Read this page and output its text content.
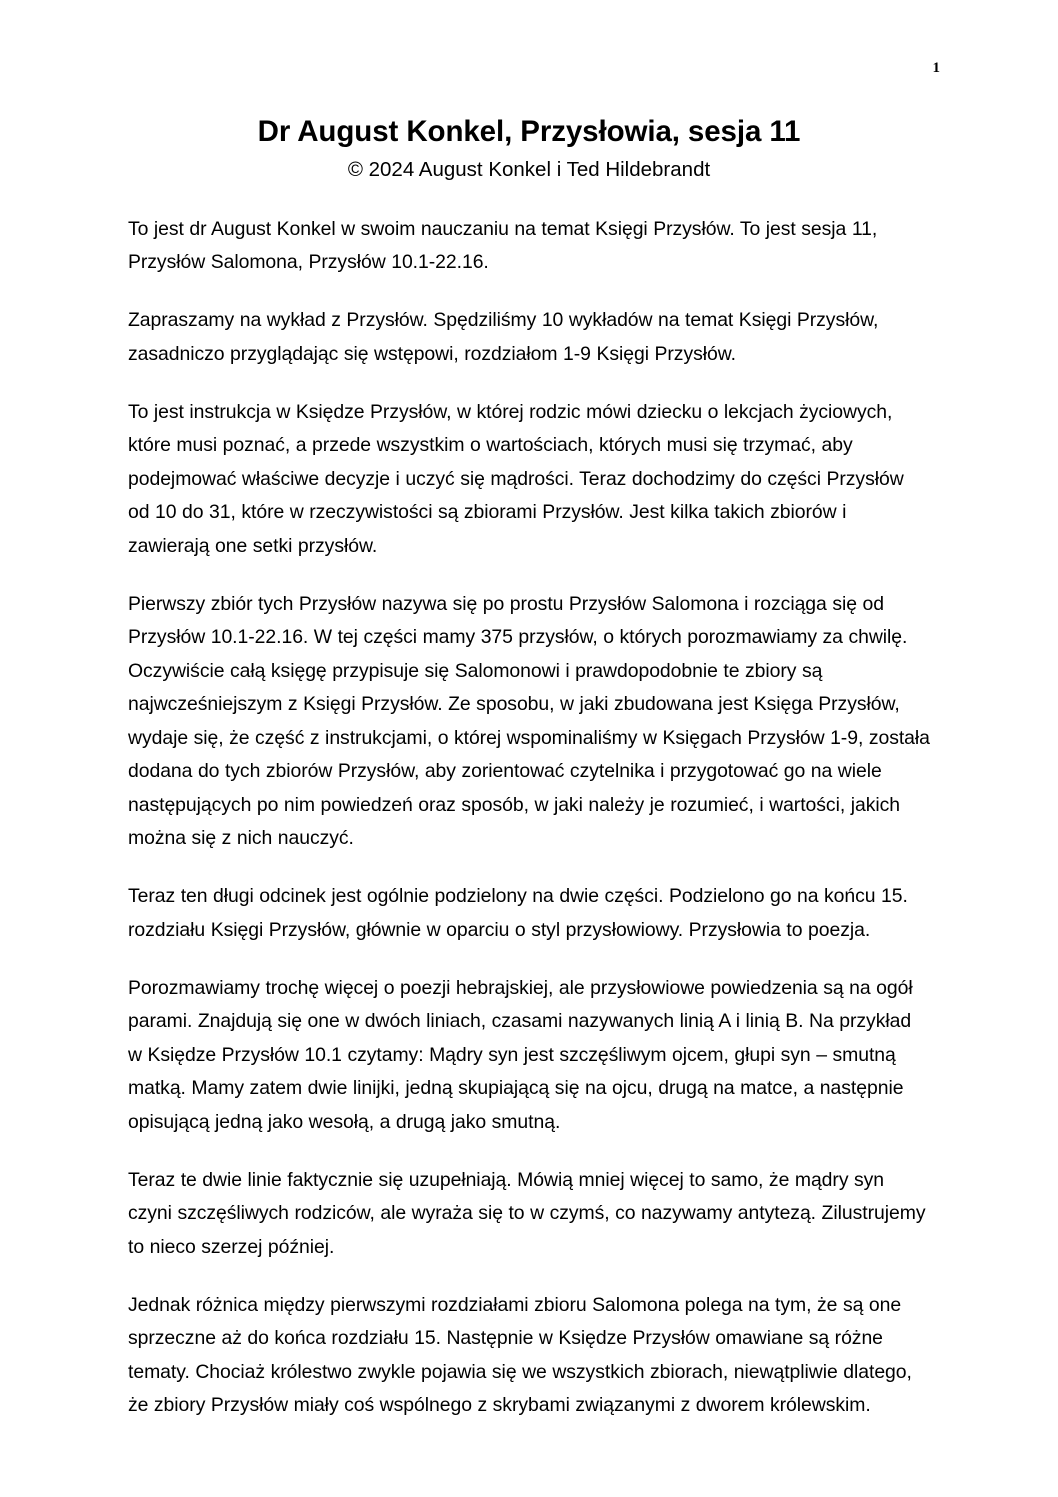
1
Dr August Konkel, Przysłowia, sesja 11
© 2024 August Konkel i Ted Hildebrandt

To jest dr August Konkel w swoim nauczaniu na temat Księgi Przysłów. To jest sesja 11, Przysłów Salomona, Przysłów 10.1-22.16.

Zapraszamy na wykład z Przysłów. Spędziliśmy 10 wykładów na temat Księgi Przysłów, zasadniczo przyglądając się wstępowi, rozdziałom 1-9 Księgi Przysłów.

To jest instrukcja w Księdze Przysłów, w której rodzic mówi dziecku o lekcjach życiowych, które musi poznać, a przede wszystkim o wartościach, których musi się trzymać, aby podejmować właściwe decyzje i uczyć się mądrości. Teraz dochodzimy do części Przysłów od 10 do 31, które w rzeczywistości są zbiorami Przysłów. Jest kilka takich zbiorów i zawierają one setki przysłów.

Pierwszy zbiór tych Przysłów nazywa się po prostu Przysłów Salomona i rozciąga się od Przysłów 10.1-22.16. W tej części mamy 375 przysłów, o których porozmawiamy za chwilę. Oczywiście całą księgę przypisuje się Salomonowi i prawdopodobnie te zbiory są najwcześniejszym z Księgi Przysłów. Ze sposobu, w jaki zbudowana jest Księga Przysłów, wydaje się, że część z instrukcjami, o której wspominaliśmy w Księgach Przysłów 1-9, została dodana do tych zbiorów Przysłów, aby zorientować czytelnika i przygotować go na wiele następujących po nim powiedzeń oraz sposób, w jaki należy je rozumieć, i wartości, jakich można się z nich nauczyć.

Teraz ten długi odcinek jest ogólnie podzielony na dwie części. Podzielono go na końcu 15. rozdziału Księgi Przysłów, głównie w oparciu o styl przysłowiowy. Przysłowia to poezja.

Porozmawiamy trochę więcej o poezji hebrajskiej, ale przysłowiowe powiedzenia są na ogół parami. Znajdują się one w dwóch liniach, czasami nazywanych linią A i linią B. Na przykład w Księdze Przysłów 10.1 czytamy: Mądry syn jest szczęśliwym ojcem, głupi syn – smutną matką. Mamy zatem dwie linijki, jedną skupiającą się na ojcu, drugą na matce, a następnie opisującą jedną jako wesołą, a drugą jako smutną.

Teraz te dwie linie faktycznie się uzupełniają. Mówią mniej więcej to samo, że mądry syn czyni szczęśliwych rodziców, ale wyraża się to w czymś, co nazywamy antytezą. Zilustrujemy to nieco szerzej później.

Jednak różnica między pierwszymi rozdziałami zbioru Salomona polega na tym, że są one sprzeczne aż do końca rozdziału 15. Następnie w Księdze Przysłów omawiane są różne tematy. Chociaż królestwo zwykle pojawia się we wszystkich zbiorach, niewątpliwie dlatego, że zbiory Przysłów miały coś wspólnego z skrybami związanymi z dworem królewskim.
